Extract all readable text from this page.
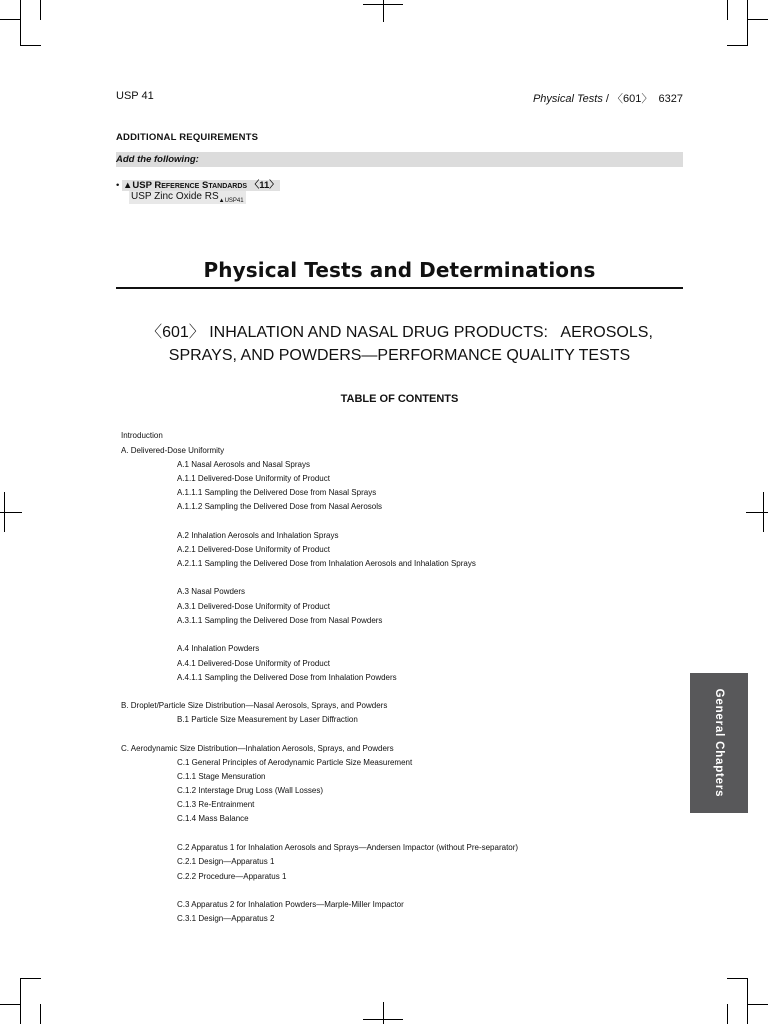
USP 41	Physical Tests / 〈601〉 6327
ADDITIONAL REQUIREMENTS
Add the following:
• ▲USP Reference Standards 〈11〉
USP Zinc Oxide $RS_{▲USP41}$
Physical Tests and Determinations
〈601〉 INHALATION AND NASAL DRUG PRODUCTS:   AEROSOLS,
SPRAYS, AND POWDERS—PERFORMANCE QUALITY TESTS
TABLE OF CONTENTS
Introduction
A. Delivered-Dose Uniformity
A.1 Nasal Aerosols and Nasal Sprays
A.1.1 Delivered-Dose Uniformity of Product
A.1.1.1 Sampling the Delivered Dose from Nasal Sprays
A.1.1.2 Sampling the Delivered Dose from Nasal Aerosols
A.2 Inhalation Aerosols and Inhalation Sprays
A.2.1 Delivered-Dose Uniformity of Product
A.2.1.1 Sampling the Delivered Dose from Inhalation Aerosols and Inhalation Sprays
A.3 Nasal Powders
A.3.1 Delivered-Dose Uniformity of Product
A.3.1.1 Sampling the Delivered Dose from Nasal Powders
A.4 Inhalation Powders
A.4.1 Delivered-Dose Uniformity of Product
A.4.1.1 Sampling the Delivered Dose from Inhalation Powders
B. Droplet/Particle Size Distribution—Nasal Aerosols, Sprays, and Powders
B.1 Particle Size Measurement by Laser Diffraction
C. Aerodynamic Size Distribution—Inhalation Aerosols, Sprays, and Powders
C.1 General Principles of Aerodynamic Particle Size Measurement
C.1.1 Stage Mensuration
C.1.2 Interstage Drug Loss (Wall Losses)
C.1.3 Re-Entrainment
C.1.4 Mass Balance
C.2 Apparatus 1 for Inhalation Aerosols and Sprays—Andersen Impactor (without Pre-separator)
C.2.1 Design—Apparatus 1
C.2.2 Procedure—Apparatus 1
C.3 Apparatus 2 for Inhalation Powders—Marple-Miller Impactor
C.3.1 Design—Apparatus 2
General Chapters
